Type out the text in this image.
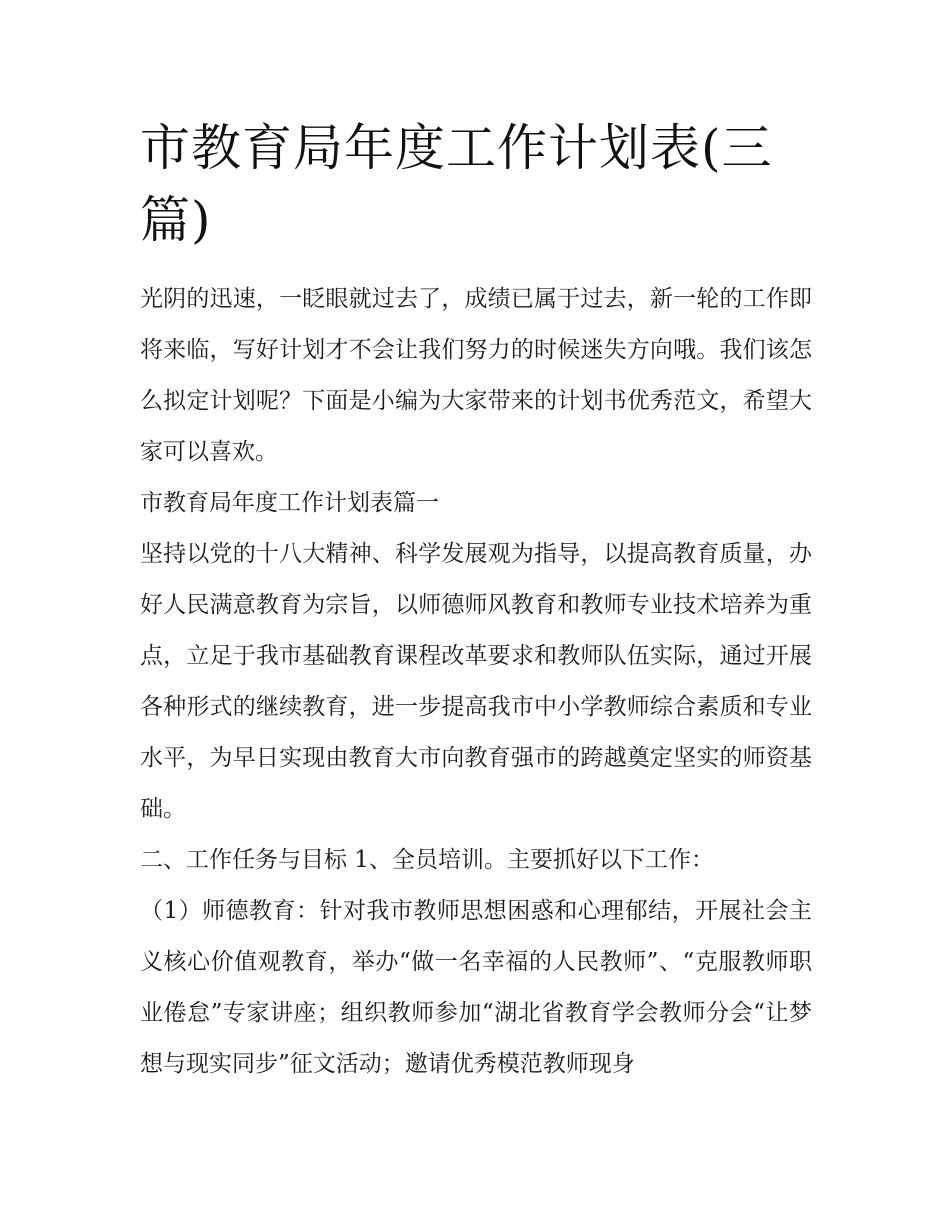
市教育局年度工作计划表(三篇)

光阴的迅速，一眨眼就过去了，成绩已属于过去，新一轮的工作即将来临，写好计划才不会让我们努力的时候迷失方向哦。我们该怎么拟定计划呢？下面是小编为大家带来的计划书优秀范文，希望大家可以喜欢。

市教育局年度工作计划表篇一

坚持以党的十八大精神、科学发展观为指导，以提高教育质量，办好人民满意教育为宗旨，以师德师风教育和教师专业技术培养为重点，立足于我市基础教育课程改革要求和教师队伍实际，通过开展各种形式的继续教育，进一步提高我市中小学教师综合素质和专业水平，为早日实现由教育大市向教育强市的跨越奠定坚实的师资基础。

二、工作任务与目标 1、全员培训。主要抓好以下工作：

（1）师德教育：针对我市教师思想困惑和心理郁结，开展社会主义核心价值观教育，举办“做一名幸福的人民教师”、“克服教师职业倦怠”专家讲座；组织教师参加“湖北省教育学会教师分会“让梦想与现实同步”征文活动；邀请优秀模范教师现身
